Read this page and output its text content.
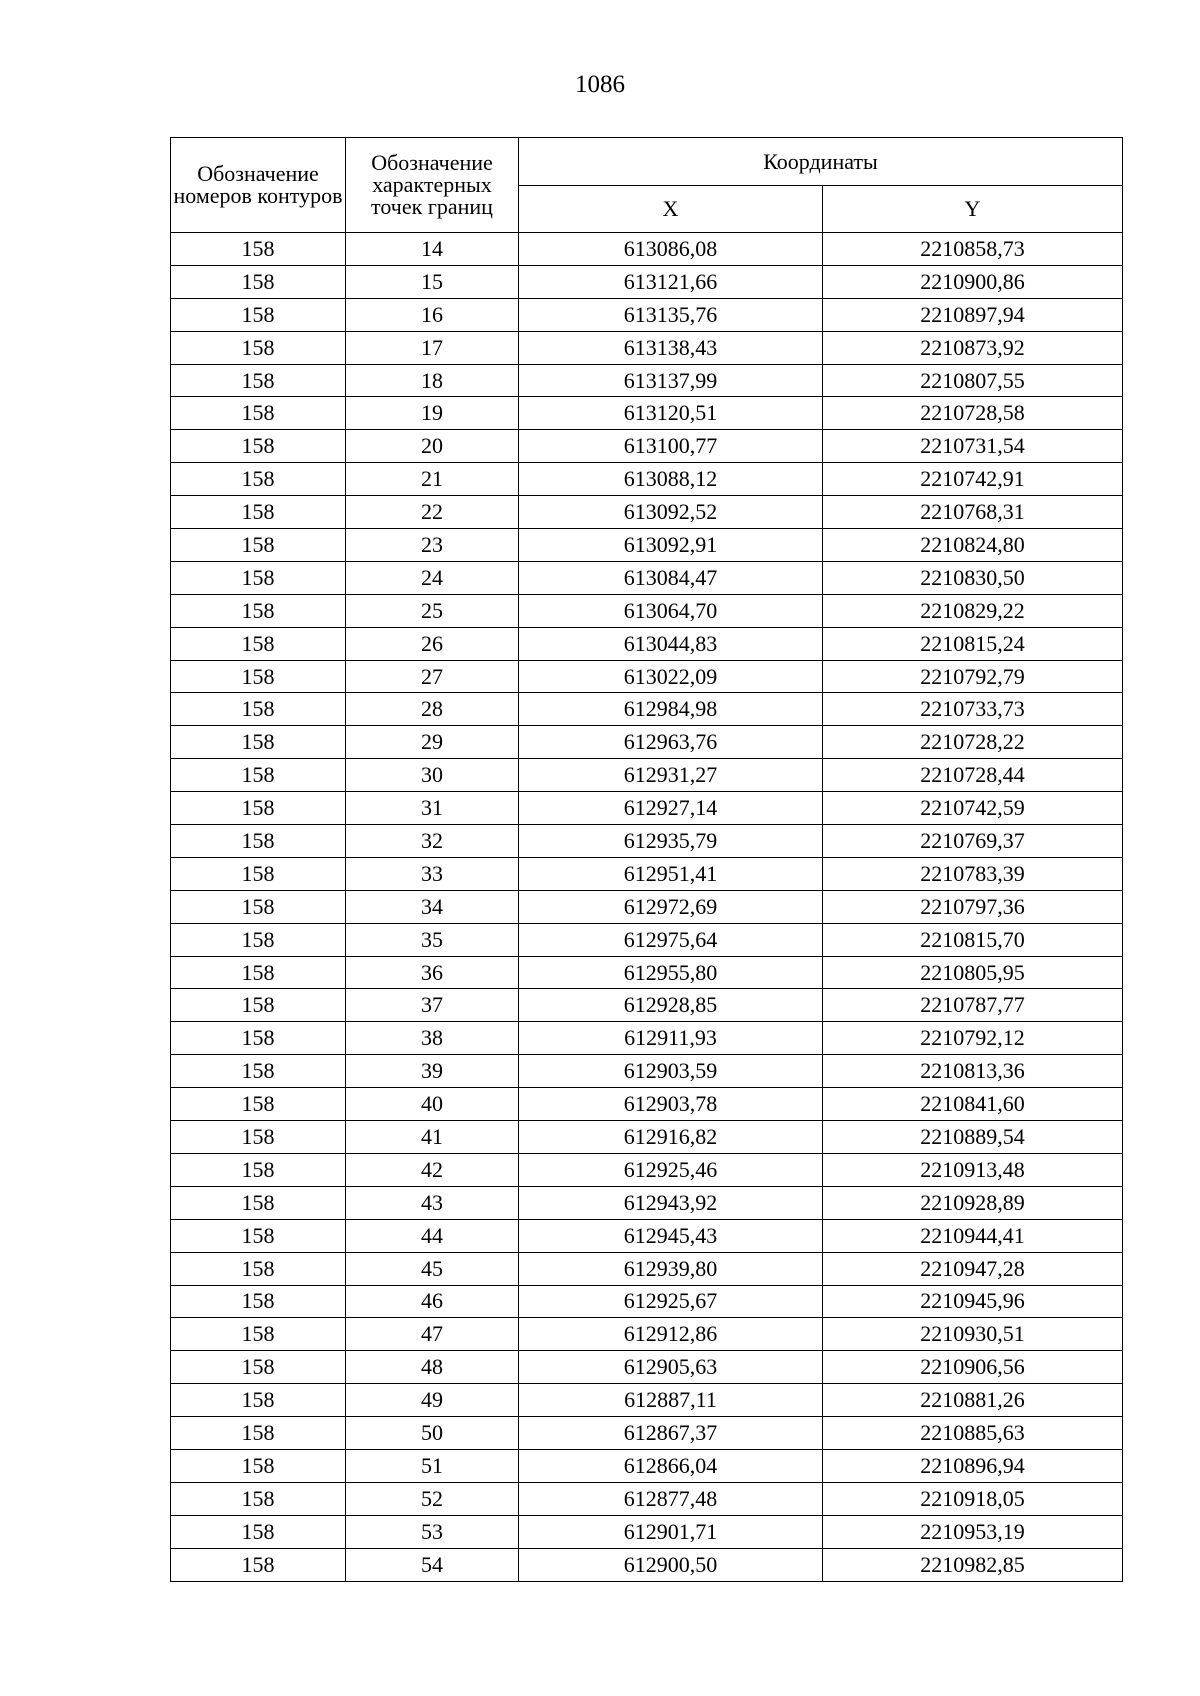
1086
Обозначение номеров контуров	Обозначение характерных точек границ	Координаты	
		X	Y
158	14	613086,08	2210858,73
158	15	613121,66	2210900,86
158	16	613135,76	2210897,94
158	17	613138,43	2210873,92
158	18	613137,99	2210807,55
158	19	613120,51	2210728,58
158	20	613100,77	2210731,54
158	21	613088,12	2210742,91
158	22	613092,52	2210768,31
158	23	613092,91	2210824,80
158	24	613084,47	2210830,50
158	25	613064,70	2210829,22
158	26	613044,83	2210815,24
158	27	613022,09	2210792,79
158	28	612984,98	2210733,73
158	29	612963,76	2210728,22
158	30	612931,27	2210728,44
158	31	612927,14	2210742,59
158	32	612935,79	2210769,37
158	33	612951,41	2210783,39
158	34	612972,69	2210797,36
158	35	612975,64	2210815,70
158	36	612955,80	2210805,95
158	37	612928,85	2210787,77
158	38	612911,93	2210792,12
158	39	612903,59	2210813,36
158	40	612903,78	2210841,60
158	41	612916,82	2210889,54
158	42	612925,46	2210913,48
158	43	612943,92	2210928,89
158	44	612945,43	2210944,41
158	45	612939,80	2210947,28
158	46	612925,67	2210945,96
158	47	612912,86	2210930,51
158	48	612905,63	2210906,56
158	49	612887,11	2210881,26
158	50	612867,37	2210885,63
158	51	612866,04	2210896,94
158	52	612877,48	2210918,05
158	53	612901,71	2210953,19
158	54	612900,50	2210982,85
